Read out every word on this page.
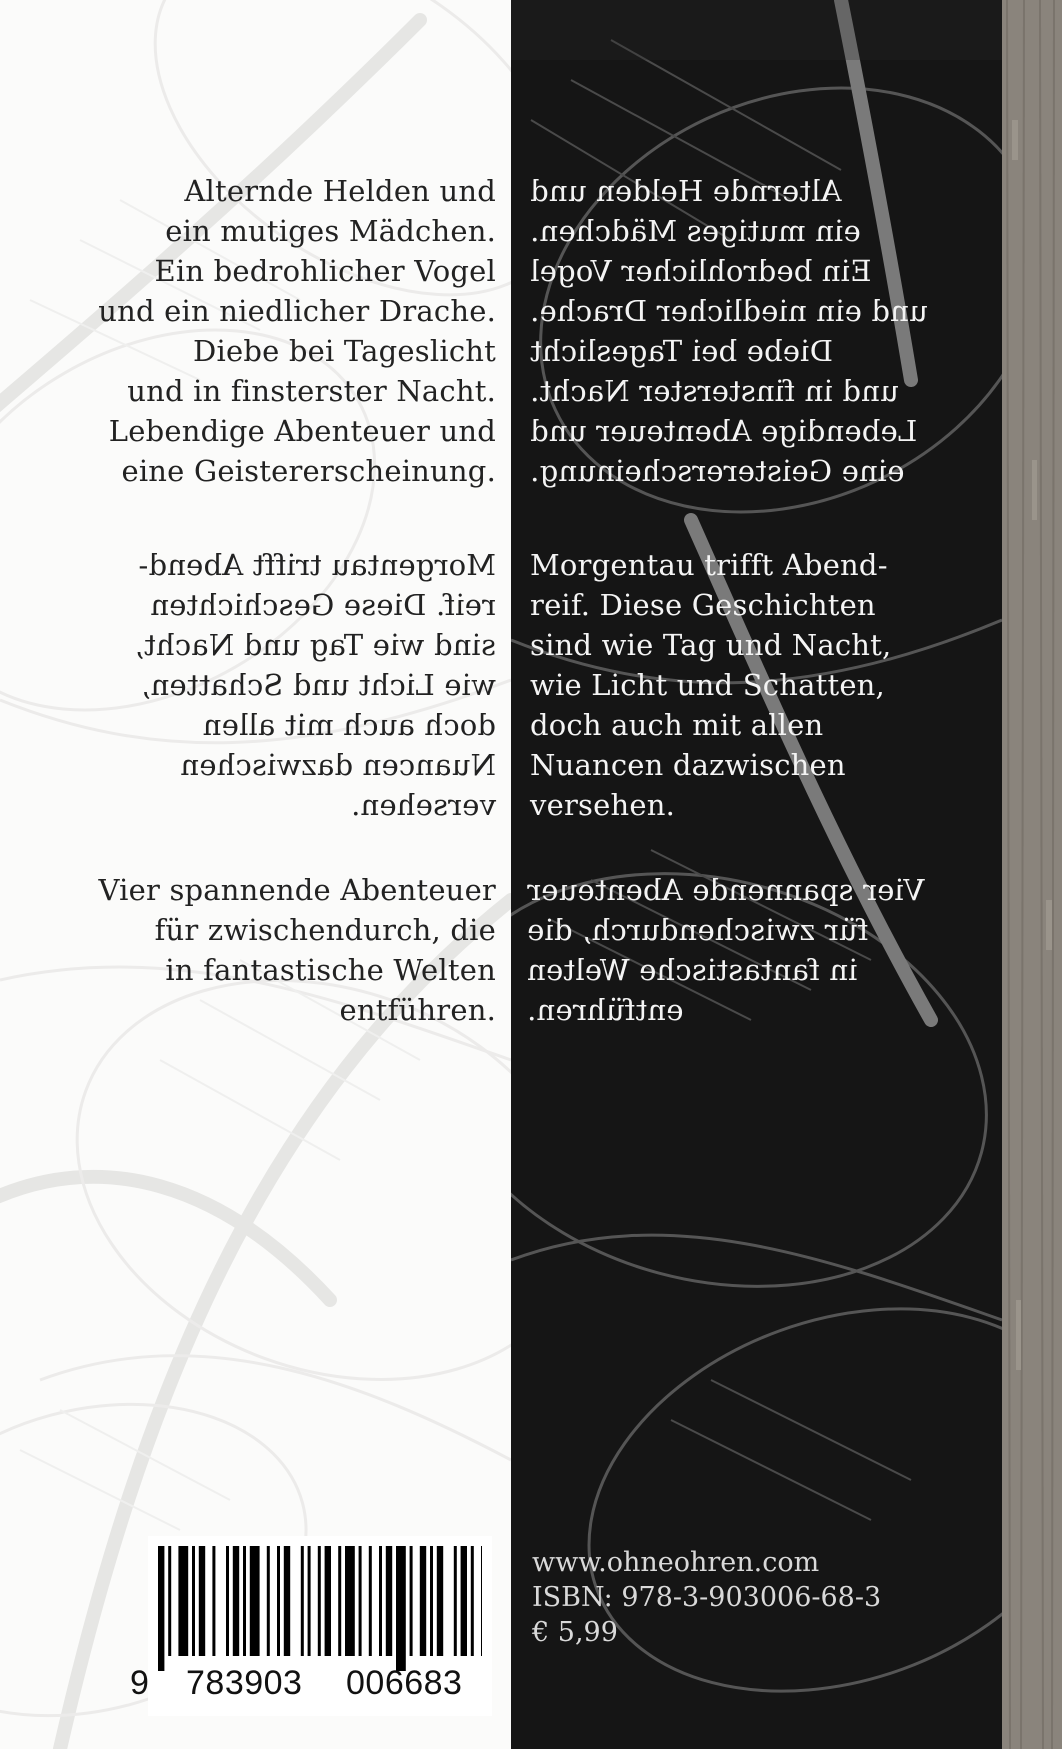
Alternde Helden und
ein mutiges Mädchen.
Ein bedrohlicher Vogel
und ein niedlicher Drache.
Diebe bei Tageslicht
und in finsterster Nacht.
Lebendige Abenteuer und
eine Geistererscheinung.
Morgentau trifft Abend-
reif. Diese Geschichten
sind wie Tag und Nacht,
wie Licht und Schatten,
doch auch mit allen
Nuancen dazwischen
versehen.
Vier spannende Abenteuer
für zwischendurch, die
in fantastische Welten
entführen.
Alternde Helden und
ein mutiges Mädchen.
Ein bedrohlicher Vogel
und ein niedlicher Drache.
Diebe bei Tageslicht
und in finsterster Nacht.
Lebendige Abenteuer und
eine Geistererscheinung.
Morgentau trifft Abend-
reif. Diese Geschichten
sind wie Tag und Nacht,
wie Licht und Schatten,
doch auch mit allen
Nuancen dazwischen
versehen.
Vier spannende Abenteuer
für zwischendurch, die
in fantastische Welten
entführen.
9 783903 006683
www.ohneohren.com
ISBN: 978-3-903006-68-3
€ 5,99
